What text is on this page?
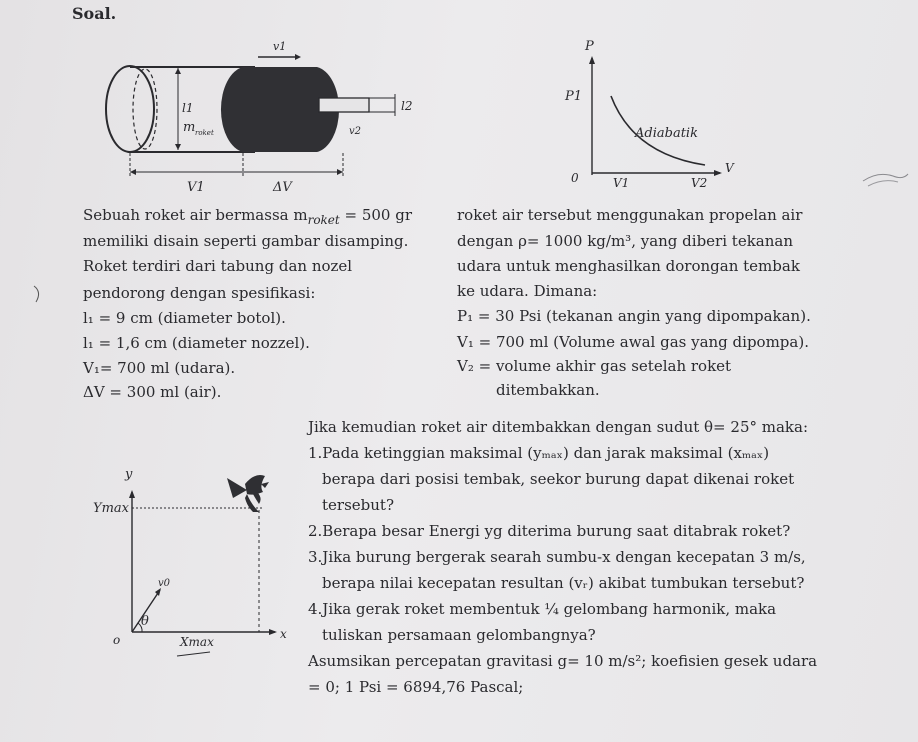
Soal.
v1
l2
l1
m roket	v2
V1	ΔV
P
P1
Adiabatik
V
0	V1	V2
Sebuah roket air bermassa $m_{roket} = 500$ gr
memiliki disain seperti gambar disamping.
Roket terdiri dari tabung dan nozel
pendorong dengan spesifikasi:
l₁ = 9 cm (diameter botol).
l₁ = 1,6 cm (diameter nozzel).
V₁= 700 ml (udara).
ΔV = 300 ml (air).
roket air tersebut menggunakan propelan air
dengan ρ= 1000 kg/m³, yang diberi tekanan
udara untuk menghasilkan dorongan tembak
ke udara. Dimana:
P₁ = 30 Psi (tekanan angin yang dipompakan).
V₁ = 700 ml (Volume awal gas yang dipompa).
V₂ = volume akhir gas setelah roket
ditembakkan.
Jika kemudian roket air ditembakkan dengan sudut θ= 25° maka:
1.Pada ketinggian maksimal (yₘₐₓ) dan jarak maksimal (xₘₐₓ)
berapa dari posisi tembak, seekor burung dapat dikenai roket
tersebut?
2.Berapa besar Energi yg diterima burung saat ditabrak roket?
3.Jika burung bergerak searah sumbu-x dengan kecepatan 3 m/s,
berapa nilai kecepatan resultan (vᵣ) akibat tumbukan tersebut?
4.Jika gerak roket membentuk ¼ gelombang harmonik, maka
tuliskan persamaan gelombangnya?
Asumsikan percepatan gravitasi g= 10 m/s²; koefisien gesek udara
= 0; 1 Psi = 6894,76 Pascal;
y
x
Ymax
v0
θ
o	Xmax
